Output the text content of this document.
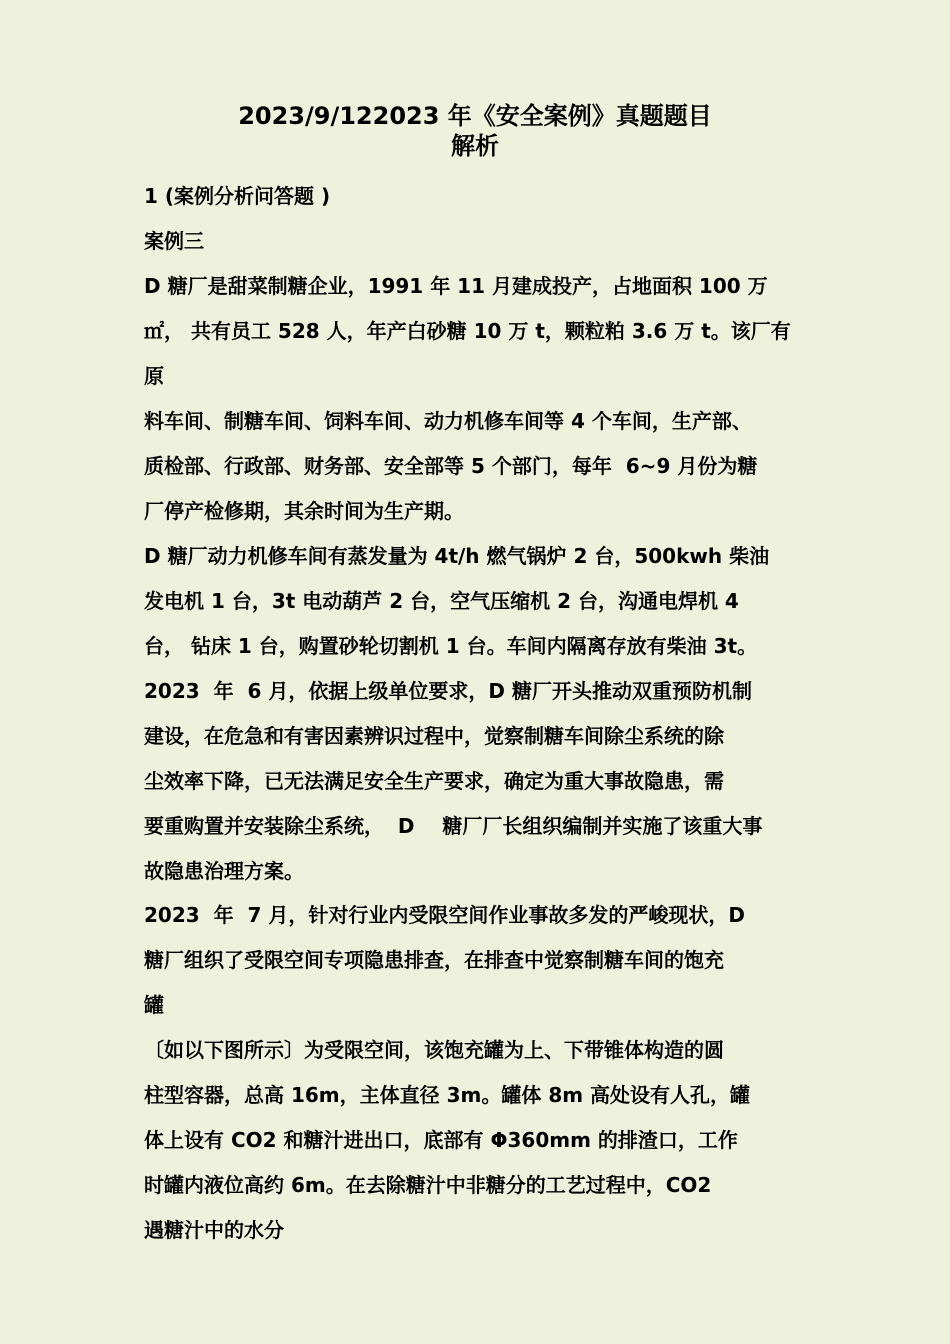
2023/9/122023 年《安全案例》真题题目
解析
1 (案例分析问答题 )
案例三
D 糖厂是甜菜制糖企业，1991 年 11 月建成投产，占地面积 100 万
㎡， 共有员工 528 人，年产白砂糖 10 万 t，颗粒粕 3.6 万 t。该厂有
原
料车间、制糖车间、饲料车间、动力机修车间等 4 个车间，生产部、
质检部、行政部、财务部、安全部等 5 个部门，每年  6~9 月份为糖
厂停产检修期，其余时间为生产期。
D 糖厂动力机修车间有蒸发量为 4t/h 燃气锅炉 2 台，500kwh 柴油
发电机 1 台，3t 电动葫芦 2 台，空气压缩机 2 台，沟通电焊机 4
台， 钻床 1 台，购置砂轮切割机 1 台。车间内隔离存放有柴油 3t。
2023  年  6 月，依据上级单位要求，D 糖厂开头推动双重预防机制
建设，在危急和有害因素辨识过程中，觉察制糖车间除尘系统的除
尘效率下降，已无法满足安全生产要求，确定为重大事故隐患，需
要重购置并安装除尘系统，  D    糖厂厂长组织编制并实施了该重大事
故隐患治理方案。
2023  年  7 月，针对行业内受限空间作业事故多发的严峻现状，D
糖厂组织了受限空间专项隐患排查，在排查中觉察制糖车间的饱充
罐
〔如以下图所示〕为受限空间，该饱充罐为上、下带锥体构造的圆
柱型容器，总高 16m，主体直径 3m。罐体 8m 高处设有人孔，罐
体上设有 CO2 和糖汁进出口，底部有 Φ360mm 的排渣口，工作
时罐内液位高约 6m。在去除糖汁中非糖分的工艺过程中，CO2
遇糖汁中的水分
